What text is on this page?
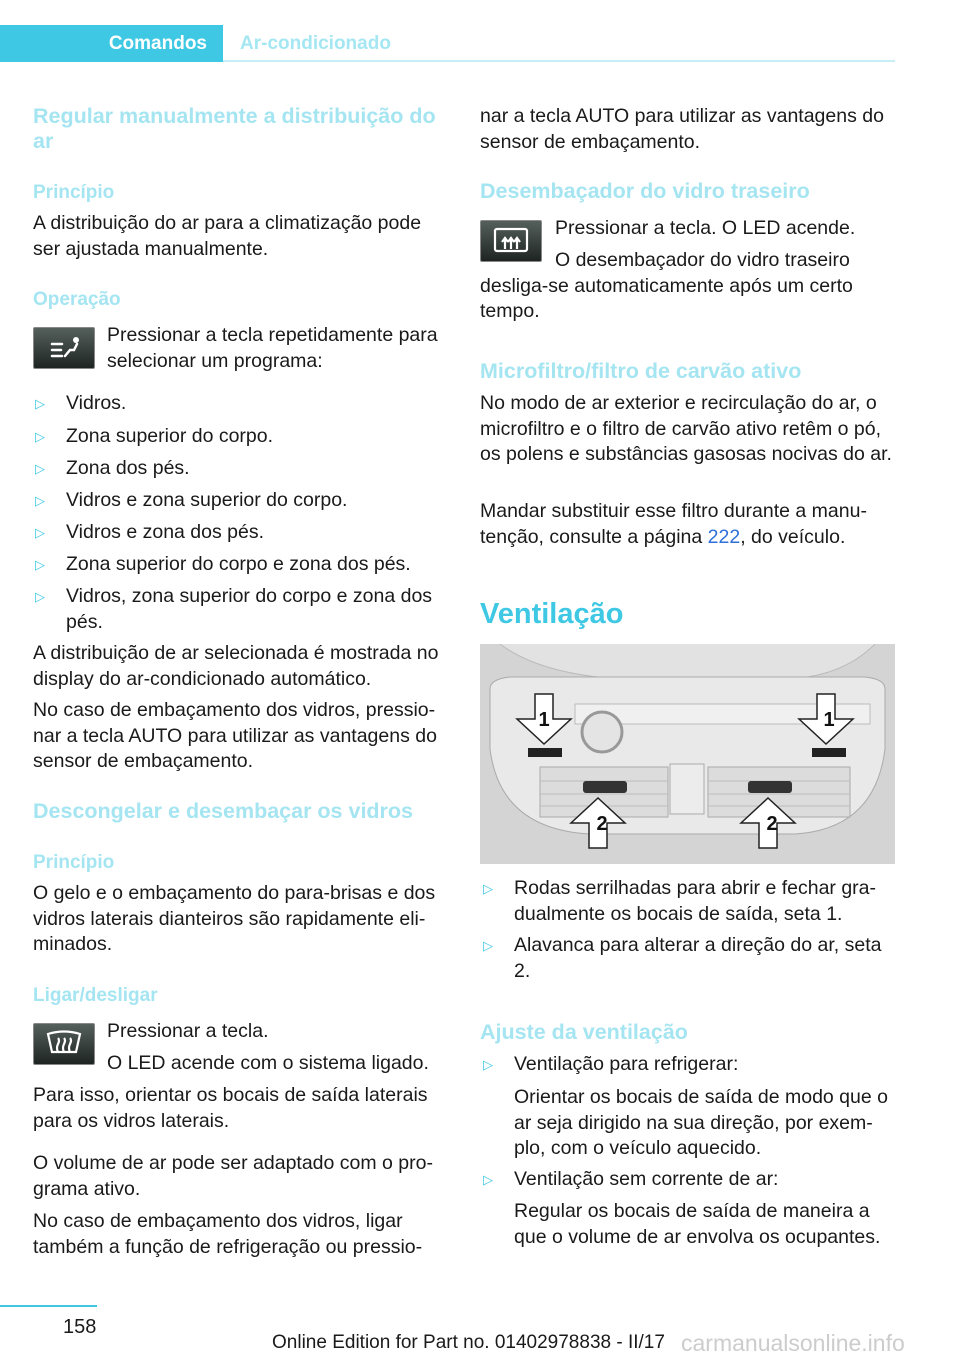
Comandos	Ar-condicionado
Regular manualmente a distribuição do ar
Princípio
A distribuição do ar para a climatização pode ser ajustada manualmente.
Operação
Pressionar a tecla repetidamente para selecionar um programa:
A distribuição de ar selecionada é mostrada no display do ar-condicionado automático.
No caso de embaçamento dos vidros, pressionar a tecla AUTO para utilizar as vantagens do sensor de embaçamento.
Descongelar e desembaçar os vidros
Princípio
O gelo e o embaçamento do para-brisas e dos vidros laterais dianteiros são rapidamente eliminados.
Ligar/desligar
Pressionar a tecla.
O LED acende com o sistema ligado.
Para isso, orientar os bocais de saída laterais para os vidros laterais.
O volume de ar pode ser adaptado com o programa ativo.
No caso de embaçamento dos vidros, ligar também a função de refrigeração ou pressio-
nar a tecla AUTO para utilizar as vantagens do sensor de embaçamento.
Desembaçador do vidro traseiro
Pressionar a tecla. O LED acende.
O desembaçador do vidro traseiro desliga-se automaticamente após um certo tempo.
Microfiltro/filtro de carvão ativo
No modo de ar exterior e recirculação do ar, o microfiltro e o filtro de carvão ativo retêm o pó, os polens e substâncias gasosas nocivas do ar.
Mandar substituir esse filtro durante a manutenção, consulte a página 222, do veículo.
Ventilação
1	1
2	2
Ajuste da ventilação
158
Online Edition for Part no. 01402978838 - II/17 carmanualsonline.info
▷ Vidros.
▷ Zona superior do corpo.
▷ Zona dos pés.
▷ Vidros e zona superior do corpo.
▷ Vidros e zona dos pés.
▷ Zona superior do corpo e zona dos pés.
▷ Vidros, zona superior do corpo e zona dos pés.
▷ Rodas serrilhadas para abrir e fechar gradualmente os bocais de saída, seta 1.
▷ Alavanca para alterar a direção do ar, seta 2.
▷ Ventilação para refrigerar:
Orientar os bocais de saída de modo que o ar seja dirigido na sua direção, por exemplo, com o veículo aquecido.
▷ Ventilação sem corrente de ar:
Regular os bocais de saída de maneira a que o volume de ar envolva os ocupantes.
